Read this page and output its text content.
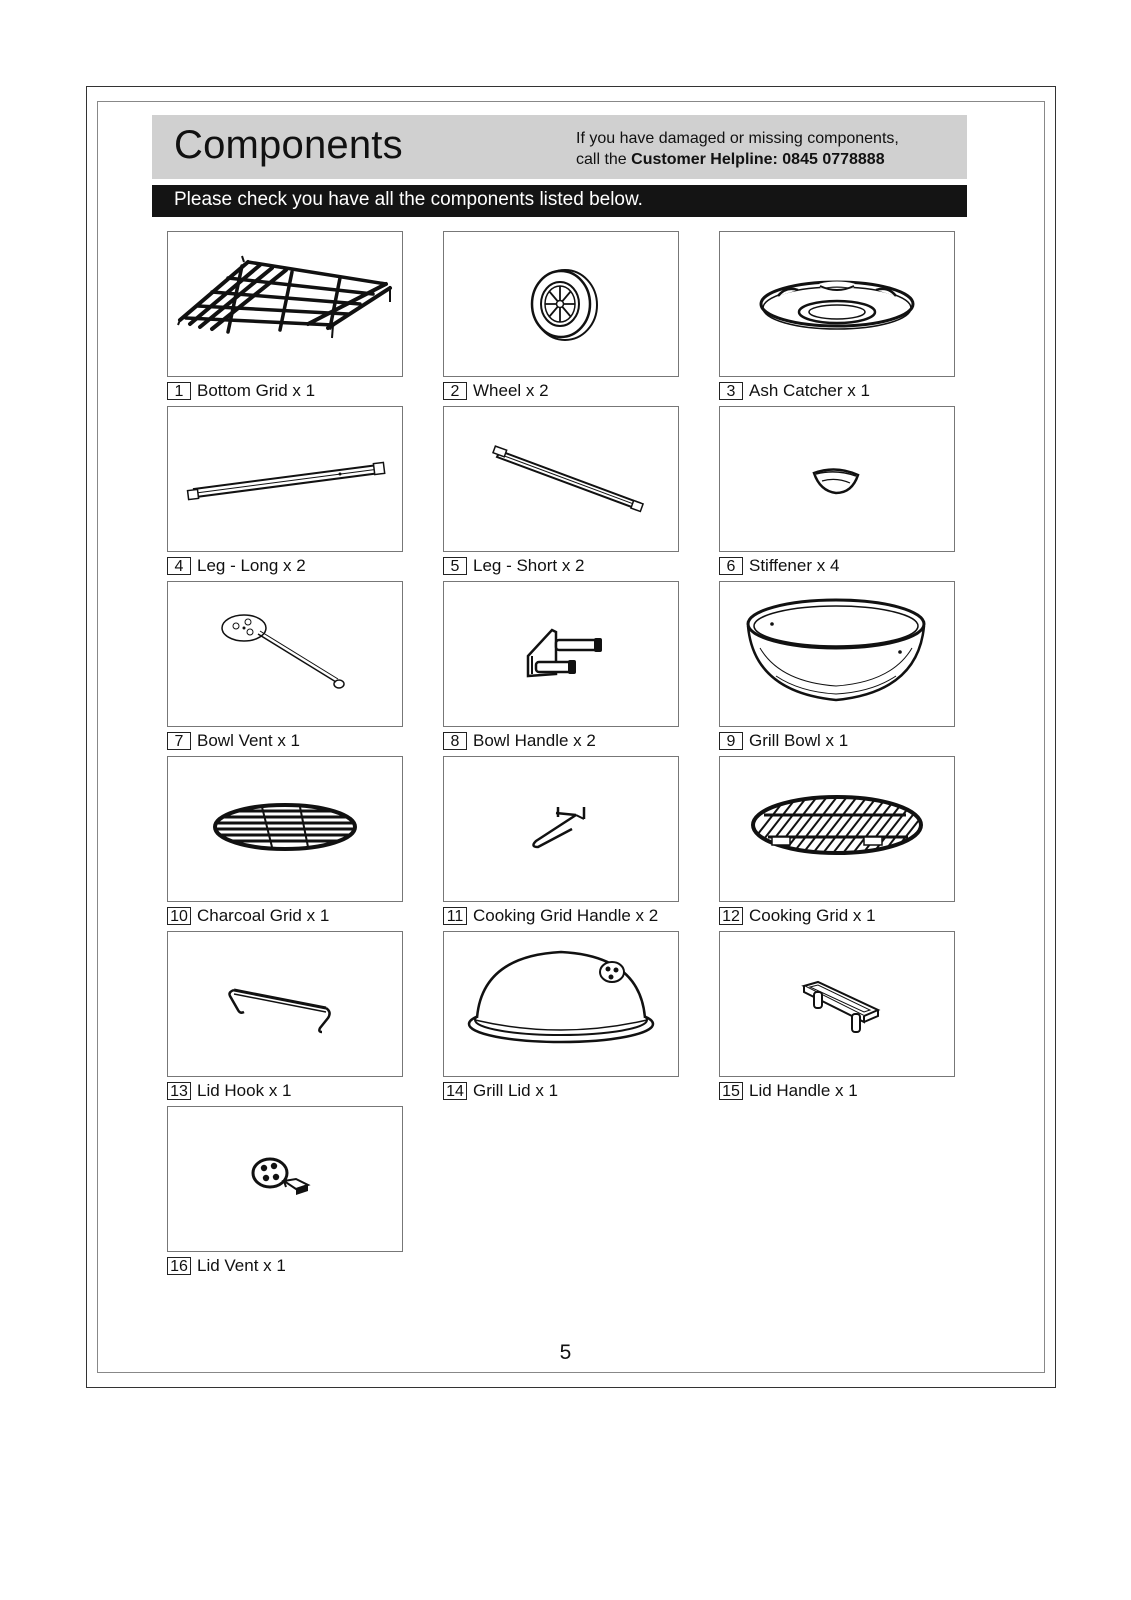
Components	If you have damaged or missing components,
call the Customer Helpline: 0845 0778888
Please check you have all the components listed below.
1 Bottom Grid x 1	2 Wheel x 2	3 Ash Catcher x 1
4 Leg - Long x 2	5 Leg - Short x 2	6 Stiffener x 4
7 Bowl Vent x 1	8 Bowl Handle x 2	9 Grill Bowl x 1
10 Charcoal Grid x 1	11 Cooking Grid Handle x 2	12 Cooking Grid x 1
13 Lid Hook x 1	14 Grill Lid x 1	15 Lid Handle x 1
16 Lid Vent x 1
5
